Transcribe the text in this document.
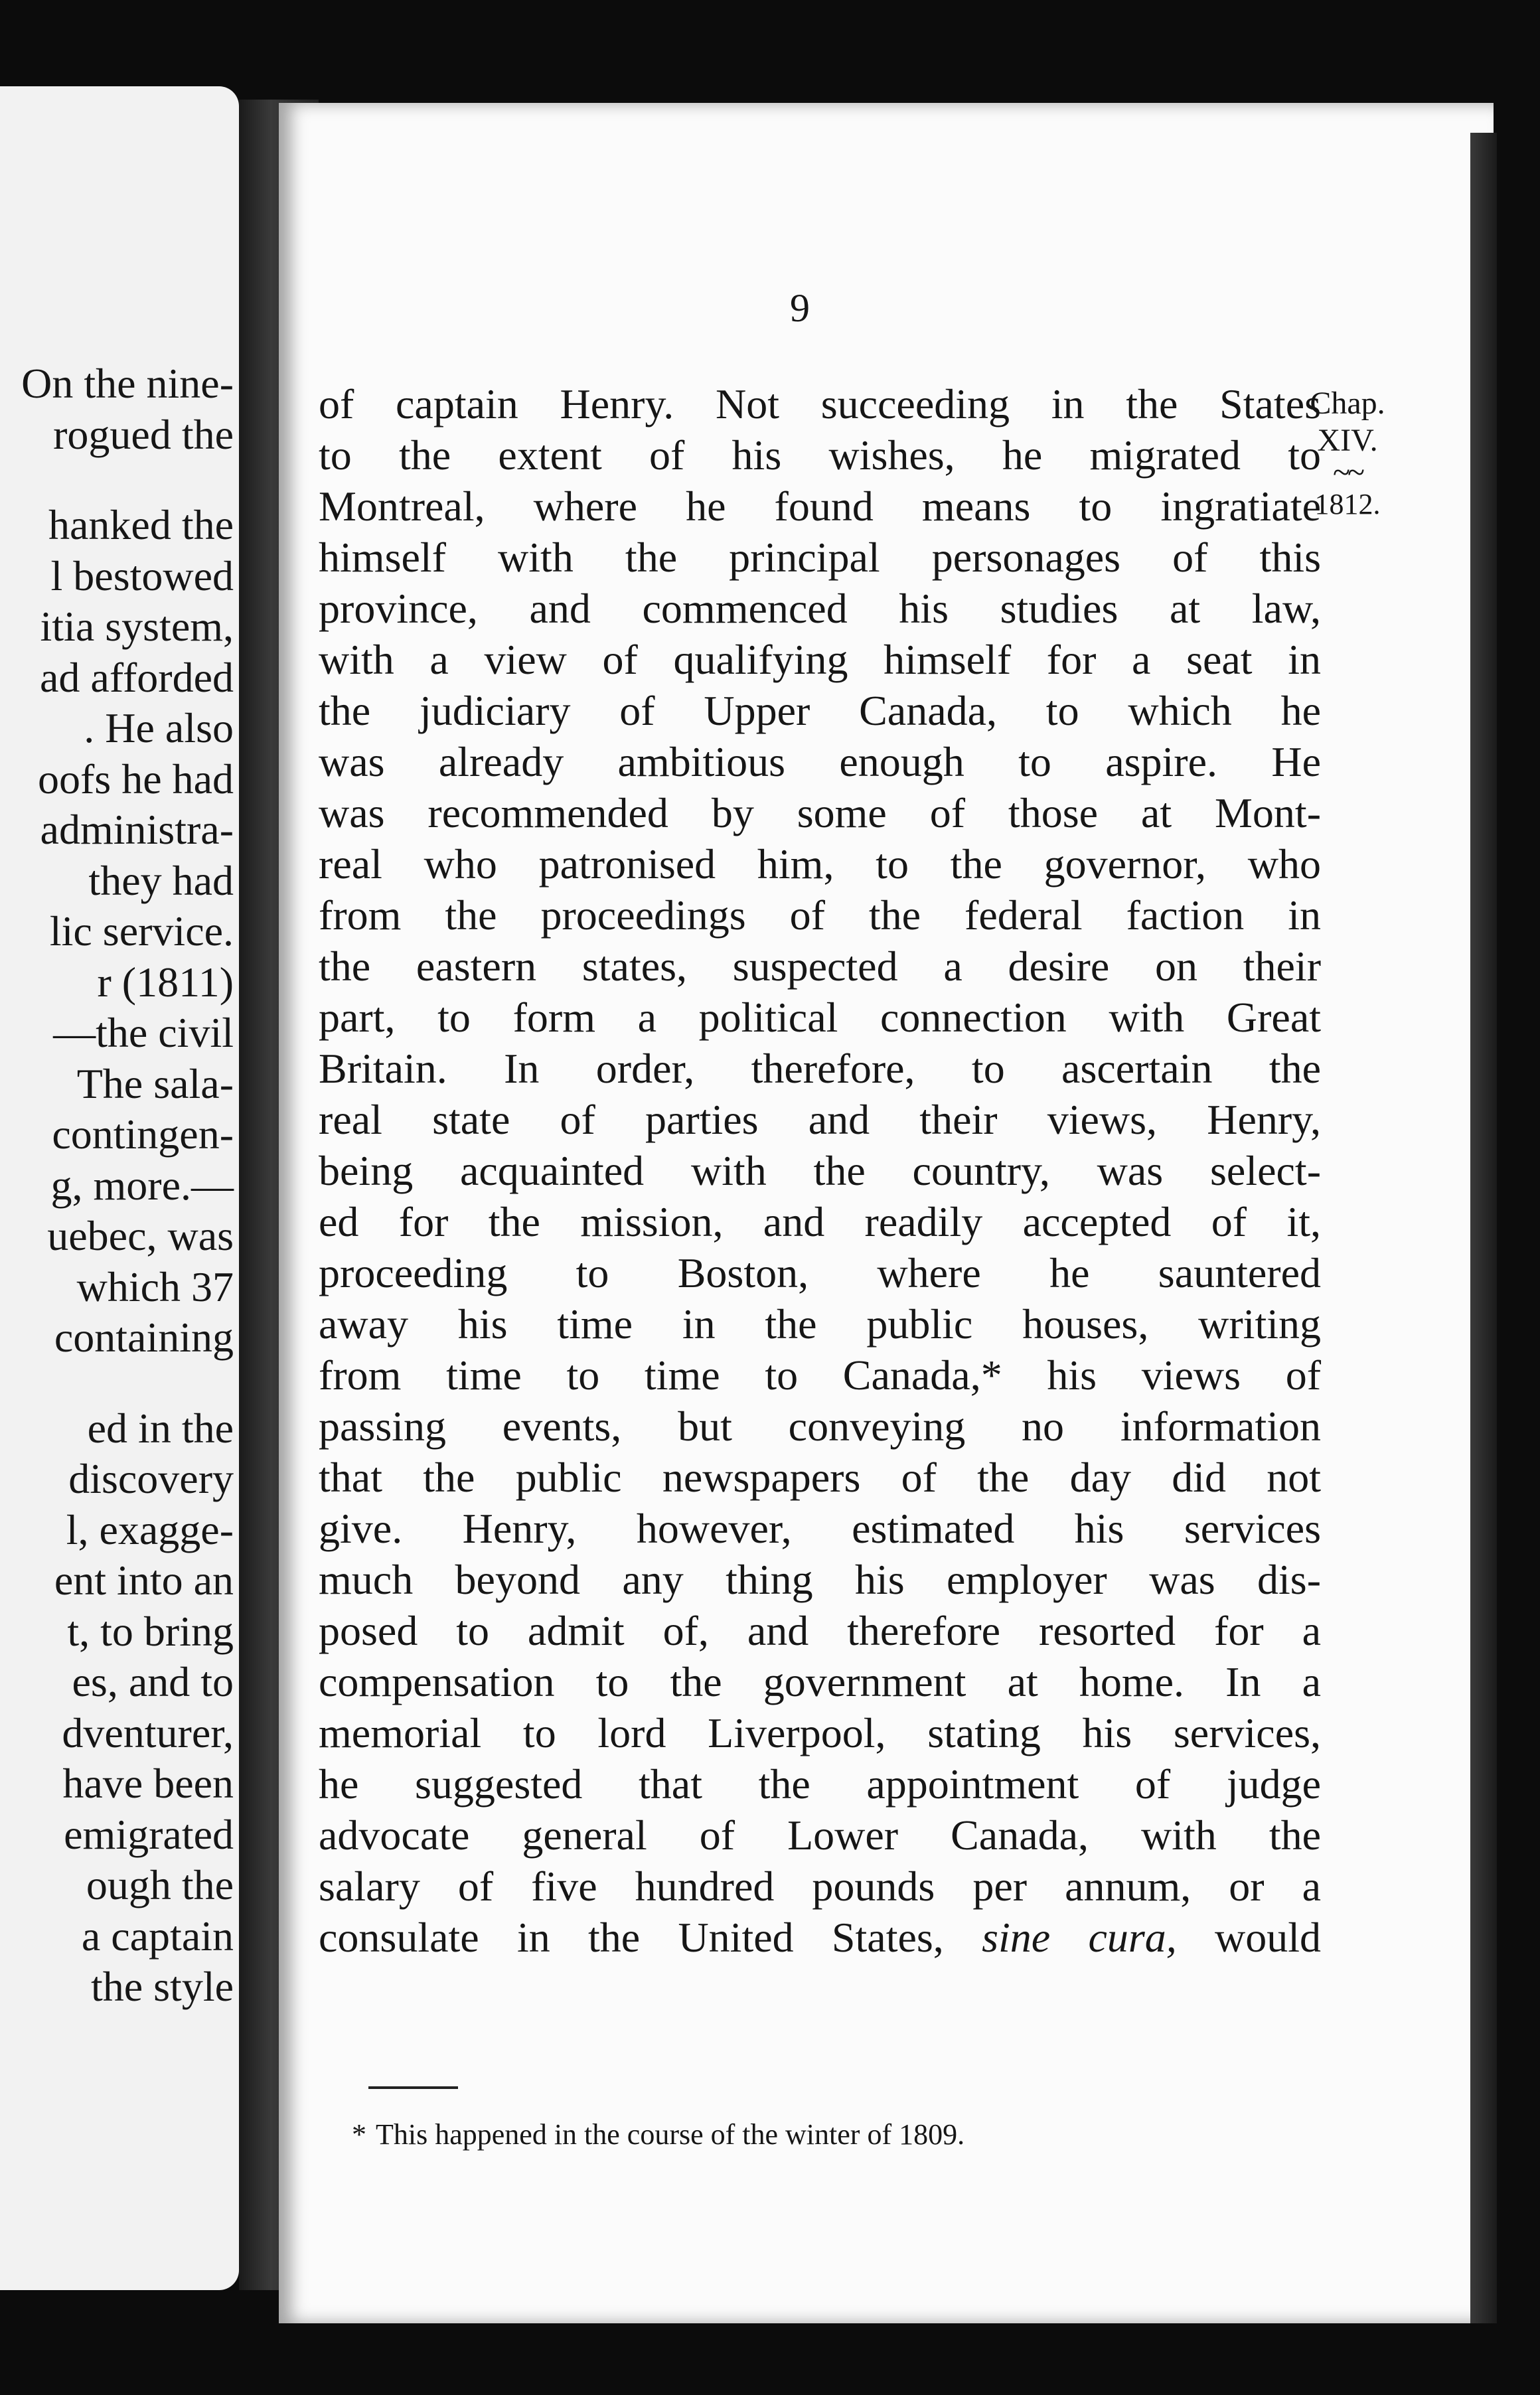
On the nine-
rogued the
hanked the
l bestowed
itia system,
ad afforded
. He also
oofs he had
administra-
they had
lic service.
r (1811)
—the civil
The sala-
contingen-
g, more.—
uebec, was
which 37
containing
ed in the
discovery
l, exagge-
ent into an
t, to bring
es, and to
dventurer,
have been
emigrated
ough the
a captain
the style
9
of captain Henry. Not succeeding in the States
to the extent of his wishes, he migrated to
Montreal, where he found means to ingratiate
himself with the principal personages of this
province, and commenced his studies at law,
with a view of qualifying himself for a seat in
the judiciary of Upper Canada, to which he
was already ambitious enough to aspire. He
was recommended by some of those at Mont-
real who patronised him, to the governor, who
from the proceedings of the federal faction in
the eastern states, suspected a desire on their
part, to form a political connection with Great
Britain. In order, therefore, to ascertain the
real state of parties and their views, Henry,
being acquainted with the country, was select-
ed for the mission, and readily accepted of it,
proceeding to Boston, where he sauntered
away his time in the public houses, writing
from time to time to Canada,* his views of
passing events, but conveying no information
that the public newspapers of the day did not
give. Henry, however, estimated his services
much beyond any thing his employer was dis-
posed to admit of, and therefore resorted for a
compensation to the government at home. In a
memorial to lord Liverpool, stating his services,
he suggested that the appointment of judge
advocate general of Lower Canada, with the
salary of five hundred pounds per annum, or a
consulate in the United States, sine cura, would
Chap.
XIV.
~~
1812.
* This happened in the course of the winter of 1809.
